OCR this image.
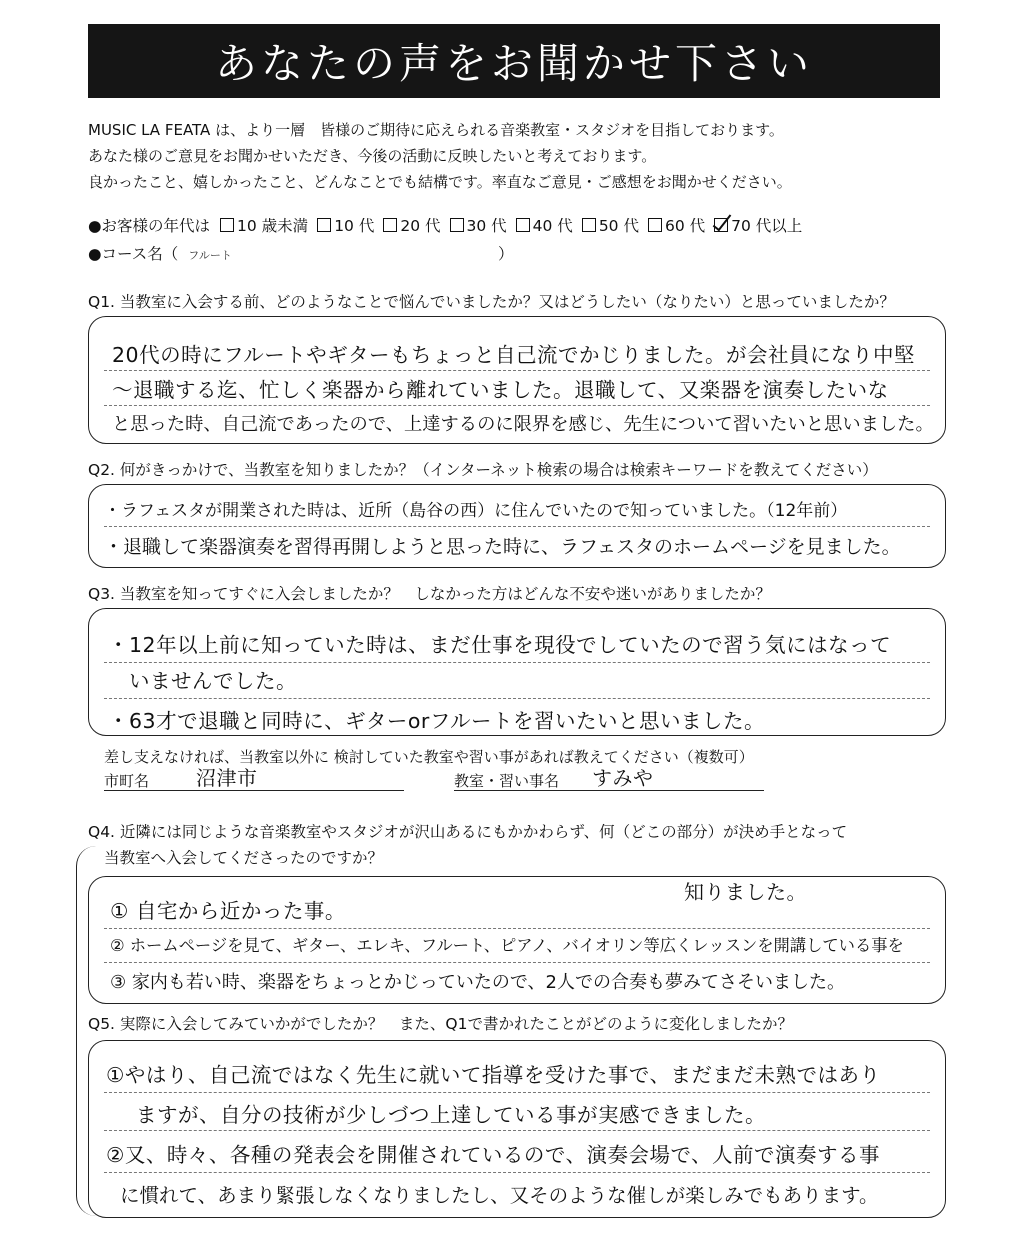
あなたの声をお聞かせ下さい
MUSIC LA FEATA は、より一層　皆様のご期待に応えられる音楽教室・スタジオを目指しております。
あなた様のご意見をお聞かせいただき、今後の活動に反映したいと考えております。
良かったこと、嬉しかったこと、どんなことでも結構です。率直なご意見・ご感想をお聞かせください。
●お客様の年代は 10 歳未満 10 代 20 代 30 代 40 代 50 代 60 代 70 代以上
●コース名（ フルート	）
Q1. 当教室に入会する前、どのようなことで悩んでいましたか？又はどうしたい（なりたい）と思っていましたか？
20代の時にフルートやギターもちょっと自己流でかじりました。が会社員になり中堅
～退職する迄、忙しく楽器から離れていました。退職して、又楽器を演奏したいな
と思った時、自己流であったので、上達するのに限界を感じ、先生について習いたいと思いました。
Q2. 何がきっかけで、当教室を知りましたか？（インターネット検索の場合は検索キーワードを教えてください）
・ラフェスタが開業された時は、近所（島谷の西）に住んでいたので知っていました。（12年前）
・退職して楽器演奏を習得再開しようと思った時に、ラフェスタのホームページを見ました。
Q3. 当教室を知ってすぐに入会しましたか？　しなかった方はどんな不安や迷いがありましたか？
・12年以上前に知っていた時は、まだ仕事を現役でしていたので習う気にはなって
　いませんでした。
・63才で退職と同時に、ギターorフルートを習いたいと思いました。
差し支えなければ、当教室以外に 検討していた教室や習い事があれば教えてください（複数可）
市町名 沼津市	教室・習い事名 すみや
Q4. 近隣には同じような音楽教室やスタジオが沢山あるにもかかわらず、何（どこの部分）が決め手となって
当教室へ入会してくださったのですか？
知りました。
① 自宅から近かった事。
② ホームページを見て、ギター、エレキ、フルート、ピアノ、バイオリン等広くレッスンを開講している事を
③ 家内も若い時、楽器をちょっとかじっていたので、2人での合奏も夢みてさそいました。
Q5. 実際に入会してみていかがでしたか？　また、Q1で書かれたことがどのように変化しましたか？
①やはり、自己流ではなく先生に就いて指導を受けた事で、まだまだ未熟ではあり
ますが、自分の技術が少しづつ上達している事が実感できました。
②又、時々、各種の発表会を開催されているので、演奏会場で、人前で演奏する事
に慣れて、あまり緊張しなくなりましたし、又そのような催しが楽しみでもあります。
